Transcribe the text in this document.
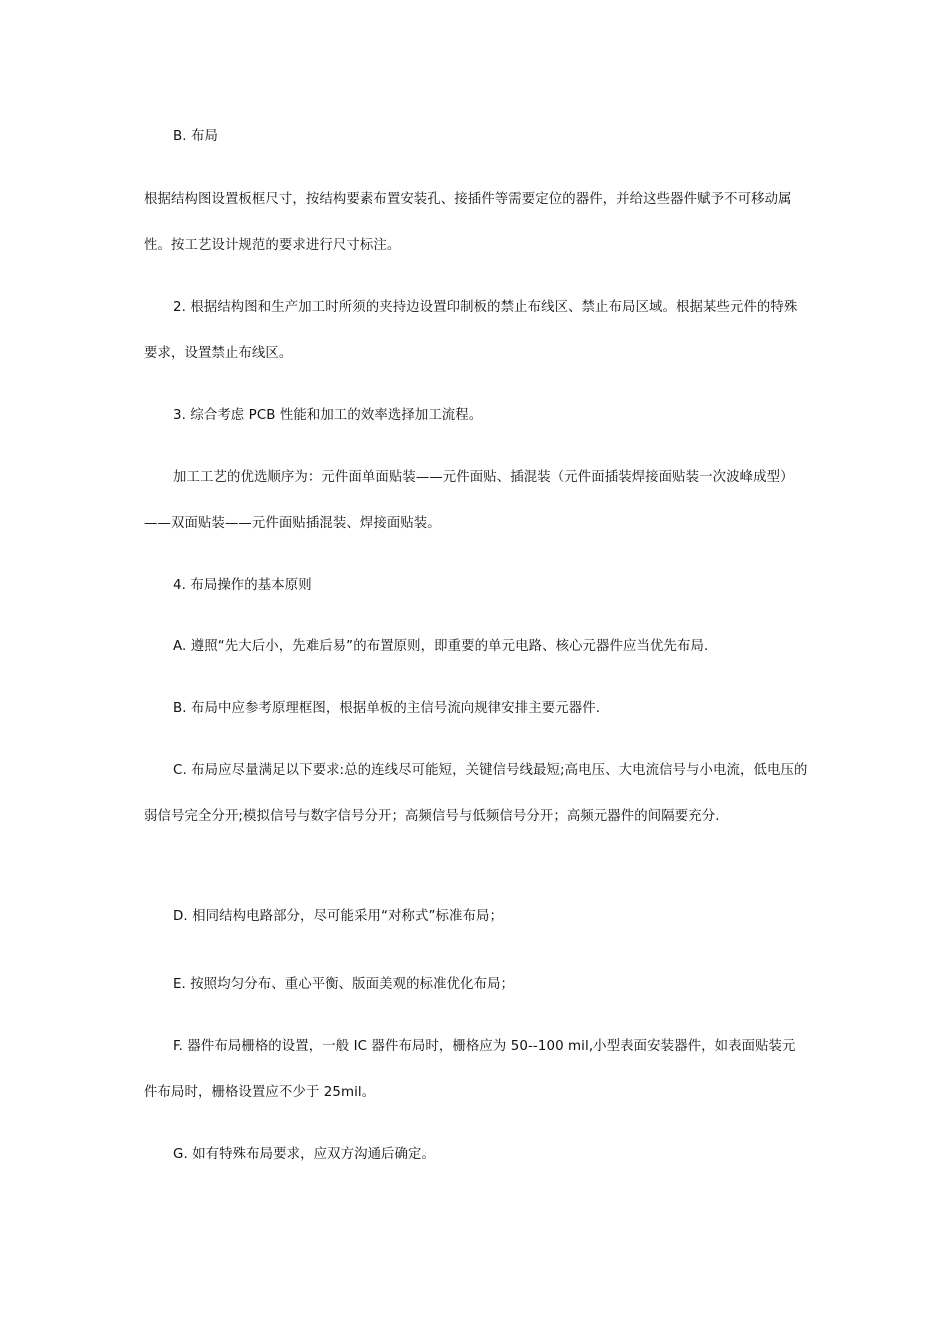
B. 布局

根据结构图设置板框尺寸，按结构要素布置安装孔、接插件等需要定位的器件，并给这些器件赋予不可移动属性。按工艺设计规范的要求进行尺寸标注。

2. 根据结构图和生产加工时所须的夹持边设置印制板的禁止布线区、禁止布局区域。根据某些元件的特殊要求，设置禁止布线区。

3. 综合考虑 PCB 性能和加工的效率选择加工流程。

加工工艺的优选顺序为：元件面单面贴装——元件面贴、插混装（元件面插装焊接面贴装一次波峰成型）——双面贴装——元件面贴插混装、焊接面贴装。

4. 布局操作的基本原则

A. 遵照“先大后小，先难后易”的布置原则，即重要的单元电路、核心元器件应当优先布局.

B. 布局中应参考原理框图，根据单板的主信号流向规律安排主要元器件.

C. 布局应尽量满足以下要求:总的连线尽可能短，关键信号线最短;高电压、大电流信号与小电流，低电压的弱信号完全分开;模拟信号与数字信号分开；高频信号与低频信号分开；高频元器件的间隔要充分.

D. 相同结构电路部分，尽可能采用“对称式”标准布局；

E. 按照均匀分布、重心平衡、版面美观的标准优化布局；

F. 器件布局栅格的设置，一般 IC 器件布局时，栅格应为 50--100 mil,小型表面安装器件，如表面贴装元件布局时，栅格设置应不少于 25mil。

G. 如有特殊布局要求，应双方沟通后确定。
